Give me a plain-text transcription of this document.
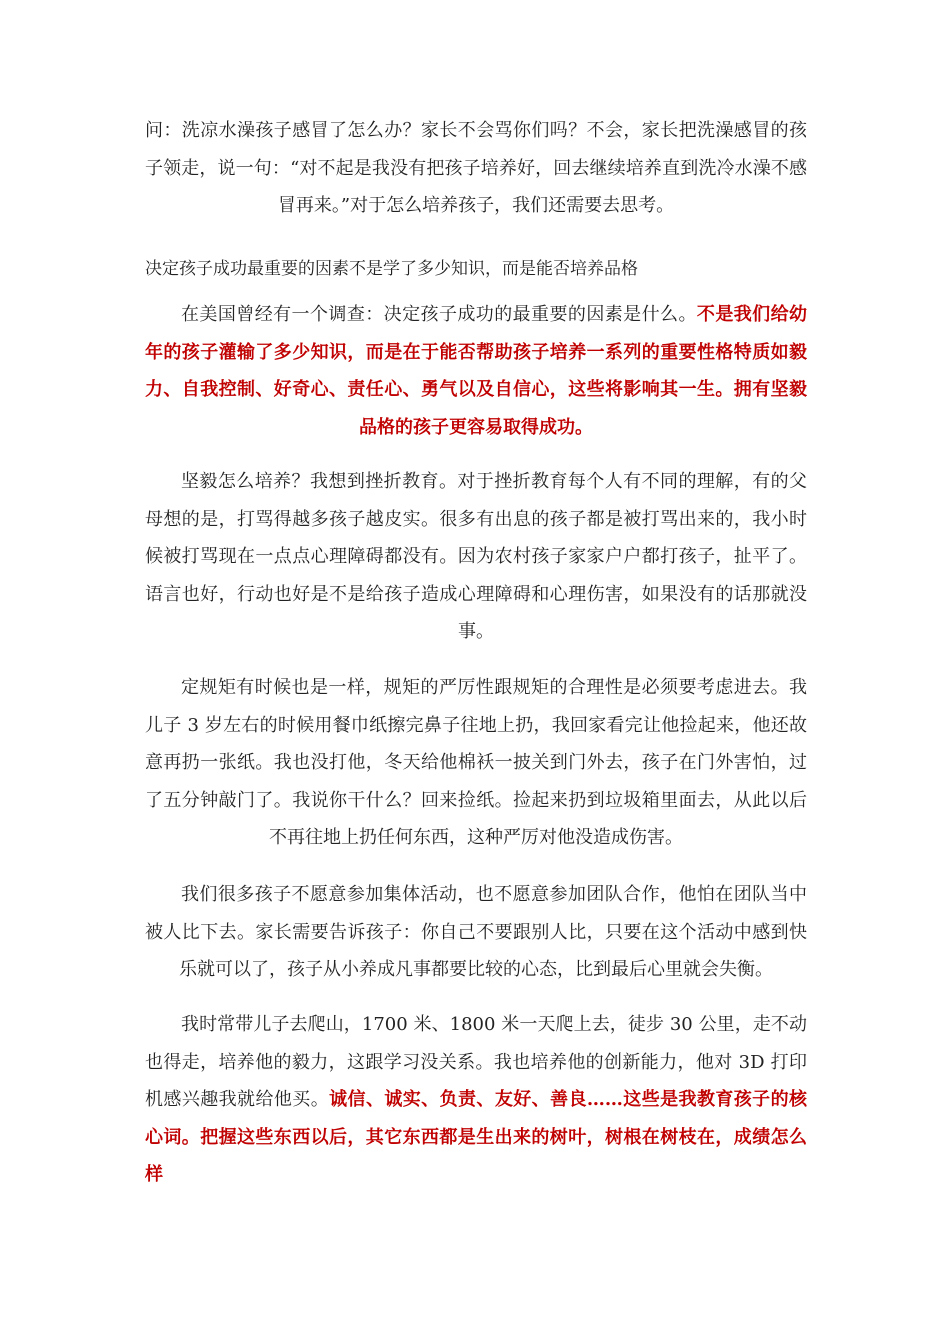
问：洗凉水澡孩子感冒了怎么办？家长不会骂你们吗？不会，家长把洗澡感冒的孩子领走，说一句：“对不起是我没有把孩子培养好，回去继续培养直到洗冷水澡不感冒再来。”对于怎么培养孩子，我们还需要去思考。

决定孩子成功最重要的因素不是学了多少知识，而是能否培养品格

在美国曾经有一个调查：决定孩子成功的最重要的因素是什么。不是我们给幼年的孩子灌输了多少知识，而是在于能否帮助孩子培养一系列的重要性格特质如毅力、自我控制、好奇心、责任心、勇气以及自信心，这些将影响其一生。拥有坚毅品格的孩子更容易取得成功。

坚毅怎么培养？我想到挫折教育。对于挫折教育每个人有不同的理解，有的父母想的是，打骂得越多孩子越皮实。很多有出息的孩子都是被打骂出来的，我小时候被打骂现在一点点心理障碍都没有。因为农村孩子家家户户都打孩子，扯平了。语言也好，行动也好是不是给孩子造成心理障碍和心理伤害，如果没有的话那就没事。

定规矩有时候也是一样，规矩的严厉性跟规矩的合理性是必须要考虑进去。我儿子 3 岁左右的时候用餐巾纸擦完鼻子往地上扔，我回家看完让他捡起来，他还故意再扔一张纸。我也没打他，冬天给他棉袄一披关到门外去，孩子在门外害怕，过了五分钟敲门了。我说你干什么？回来捡纸。捡起来扔到垃圾箱里面去，从此以后不再往地上扔任何东西，这种严厉对他没造成伤害。

我们很多孩子不愿意参加集体活动，也不愿意参加团队合作，他怕在团队当中被人比下去。家长需要告诉孩子：你自己不要跟别人比，只要在这个活动中感到快乐就可以了，孩子从小养成凡事都要比较的心态，比到最后心里就会失衡。

我时常带儿子去爬山，1700 米、1800 米一天爬上去，徒步 30 公里，走不动也得走，培养他的毅力，这跟学习没关系。我也培养他的创新能力，他对 3D 打印机感兴趣我就给他买。诚信、诚实、负责、友好、善良……这些是我教育孩子的核心词。把握这些东西以后，其它东西都是生出来的树叶，树根在树枝在，成绩怎么样
